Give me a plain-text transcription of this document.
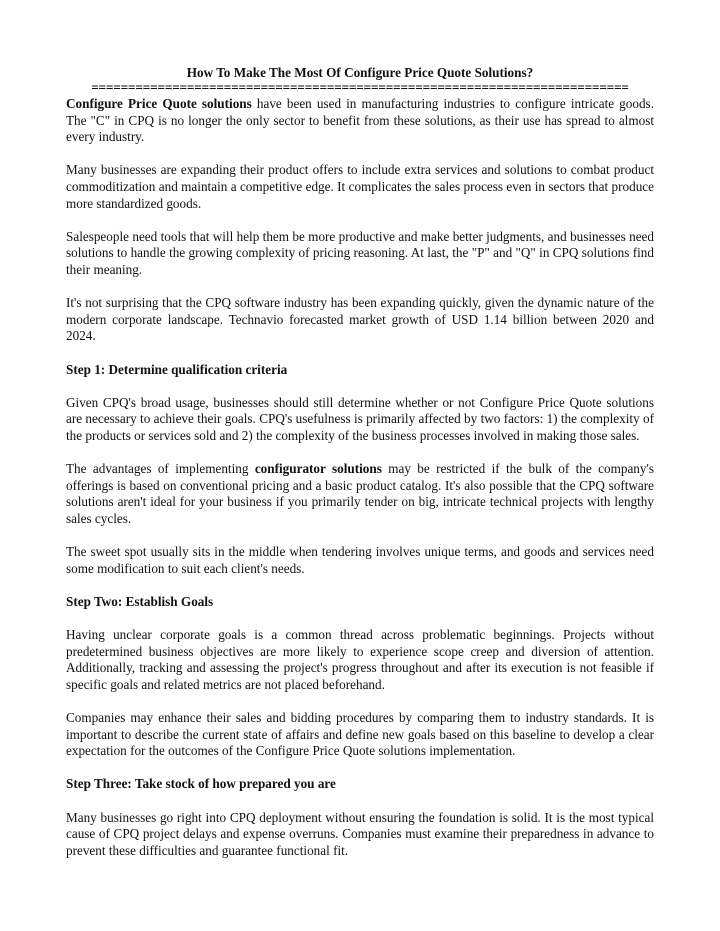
How To Make The Most Of Configure Price Quote Solutions?
=========================================================================

Configure Price Quote solutions have been used in manufacturing industries to configure intricate goods. The "C" in CPQ is no longer the only sector to benefit from these solutions, as their use has spread to almost every industry.

Many businesses are expanding their product offers to include extra services and solutions to combat product commoditization and maintain a competitive edge. It complicates the sales process even in sectors that produce more standardized goods.

Salespeople need tools that will help them be more productive and make better judgments, and businesses need solutions to handle the growing complexity of pricing reasoning. At last, the "P" and "Q" in CPQ solutions find their meaning.

It's not surprising that the CPQ software industry has been expanding quickly, given the dynamic nature of the modern corporate landscape. Technavio forecasted market growth of USD 1.14 billion between 2020 and 2024.

Step 1: Determine qualification criteria

Given CPQ's broad usage, businesses should still determine whether or not Configure Price Quote solutions are necessary to achieve their goals. CPQ's usefulness is primarily affected by two factors: 1) the complexity of the products or services sold and 2) the complexity of the business processes involved in making those sales.

The advantages of implementing configurator solutions may be restricted if the bulk of the company's offerings is based on conventional pricing and a basic product catalog. It's also possible that the CPQ software solutions aren't ideal for your business if you primarily tender on big, intricate technical projects with lengthy sales cycles.

The sweet spot usually sits in the middle when tendering involves unique terms, and goods and services need some modification to suit each client's needs.

Step Two: Establish Goals

Having unclear corporate goals is a common thread across problematic beginnings. Projects without predetermined business objectives are more likely to experience scope creep and diversion of attention. Additionally, tracking and assessing the project's progress throughout and after its execution is not feasible if specific goals and related metrics are not placed beforehand.

Companies may enhance their sales and bidding procedures by comparing them to industry standards. It is important to describe the current state of affairs and define new goals based on this baseline to develop a clear expectation for the outcomes of the Configure Price Quote solutions implementation.

Step Three: Take stock of how prepared you are

Many businesses go right into CPQ deployment without ensuring the foundation is solid. It is the most typical cause of CPQ project delays and expense overruns. Companies must examine their preparedness in advance to prevent these difficulties and guarantee functional fit.
